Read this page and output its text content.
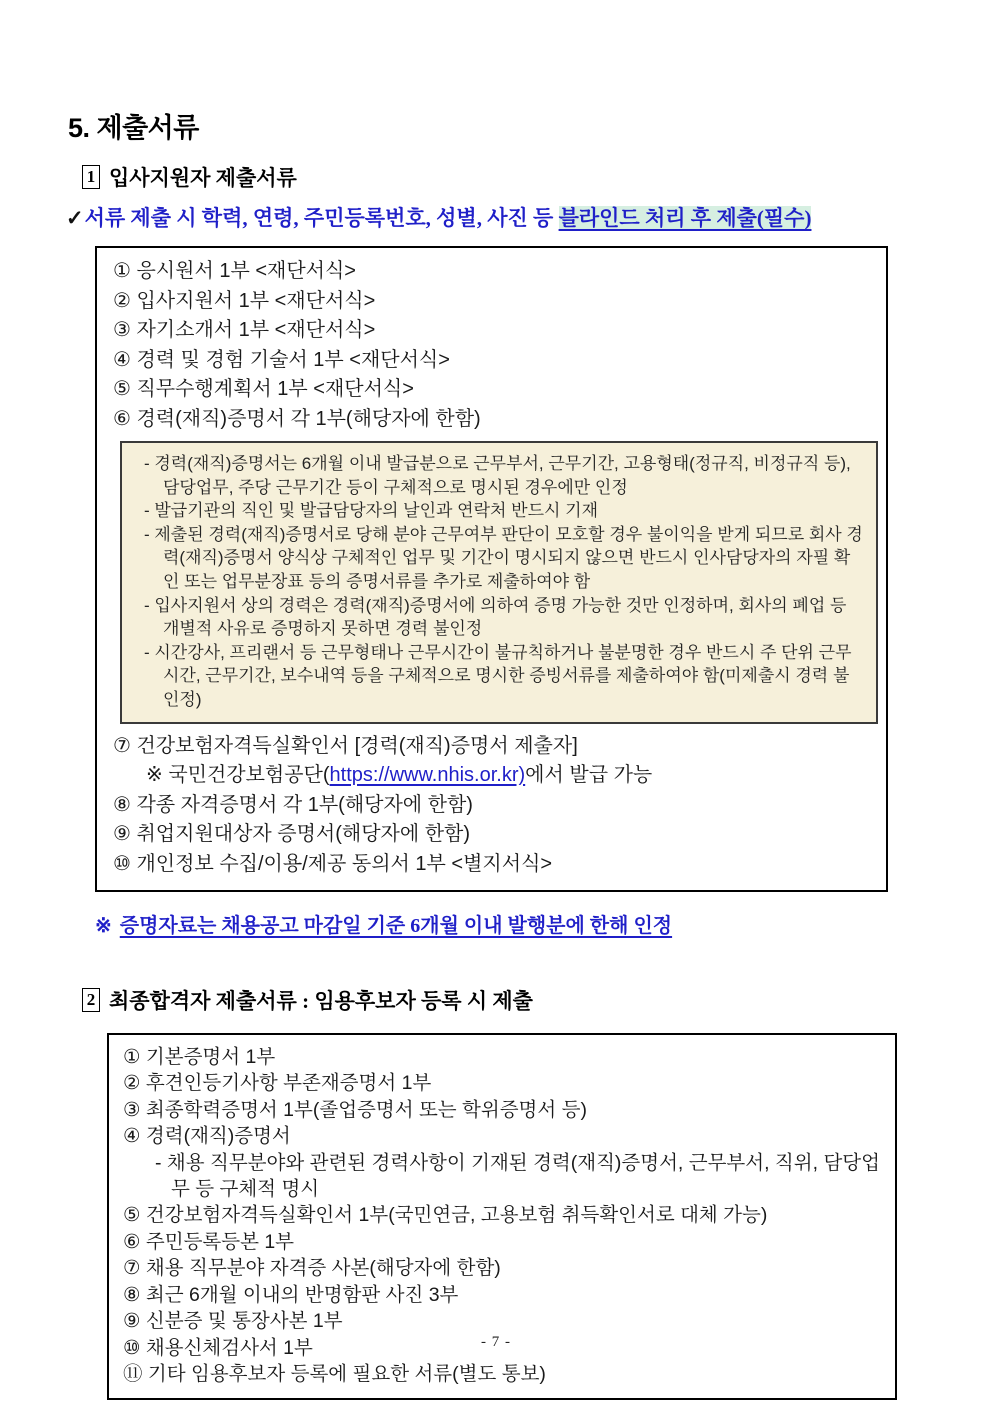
5. 제출서류
1 입사지원자 제출서류
✓서류 제출 시 학력, 연령, 주민등록번호, 성별, 사진 등 블라인드 처리 후 제출(필수)
① 응시원서 1부 <재단서식>
② 입사지원서 1부 <재단서식>
③ 자기소개서 1부 <재단서식>
④ 경력 및 경험 기술서 1부 <재단서식>
⑤ 직무수행계획서 1부 <재단서식>
⑥ 경력(재직)증명서 각 1부(해당자에 한함)
- 경력(재직)증명서는 6개월 이내 발급분으로 근무부서, 근무기간, 고용형태(정규직, 비정규직 등), 담당업무, 주당 근무기간 등이 구체적으로 명시된 경우에만 인정
- 발급기관의 직인 및 발급담당자의 날인과 연락처 반드시 기재
- 제출된 경력(재직)증명서로 당해 분야 근무여부 판단이 모호할 경우 불이익을 받게 되므로 회사 경력(재직)증명서 양식상 구체적인 업무 및 기간이 명시되지 않으면 반드시 인사담당자의 자필 확인 또는 업무분장표 등의 증명서류를 추가로 제출하여야 함
- 입사지원서 상의 경력은 경력(재직)증명서에 의하여 증명 가능한 것만 인정하며, 회사의 폐업 등 개별적 사유로 증명하지 못하면 경력 불인정
- 시간강사, 프리랜서 등 근무형태나 근무시간이 불규칙하거나 불분명한 경우 반드시 주 단위 근무시간, 근무기간, 보수내역 등을 구체적으로 명시한 증빙서류를 제출하여야 함(미제출시 경력 불인정)
⑦ 건강보험자격득실확인서 [경력(재직)증명서 제출자]
※ 국민건강보험공단(https://www.nhis.or.kr)에서 발급 가능
⑧ 각종 자격증명서 각 1부(해당자에 한함)
⑨ 취업지원대상자 증명서(해당자에 한함)
⑩ 개인정보 수집/이용/제공 동의서 1부 <별지서식>
※ 증명자료는 채용공고 마감일 기준 6개월 이내 발행분에 한해 인정
2 최종합격자 제출서류 : 임용후보자 등록 시 제출
① 기본증명서 1부
② 후견인등기사항 부존재증명서 1부
③ 최종학력증명서 1부(졸업증명서 또는 학위증명서 등)
④ 경력(재직)증명서
- 채용 직무분야와 관련된 경력사항이 기재된 경력(재직)증명서, 근무부서, 직위, 담당업무 등 구체적 명시
⑤ 건강보험자격득실확인서 1부(국민연금, 고용보험 취득확인서로 대체 가능)
⑥ 주민등록등본 1부
⑦ 채용 직무분야 자격증 사본(해당자에 한함)
⑧ 최근 6개월 이내의 반명함판 사진 3부
⑨ 신분증 및 통장사본 1부
⑩ 채용신체검사서 1부
⑪ 기타 임용후보자 등록에 필요한 서류(별도 통보)
- 7 -
